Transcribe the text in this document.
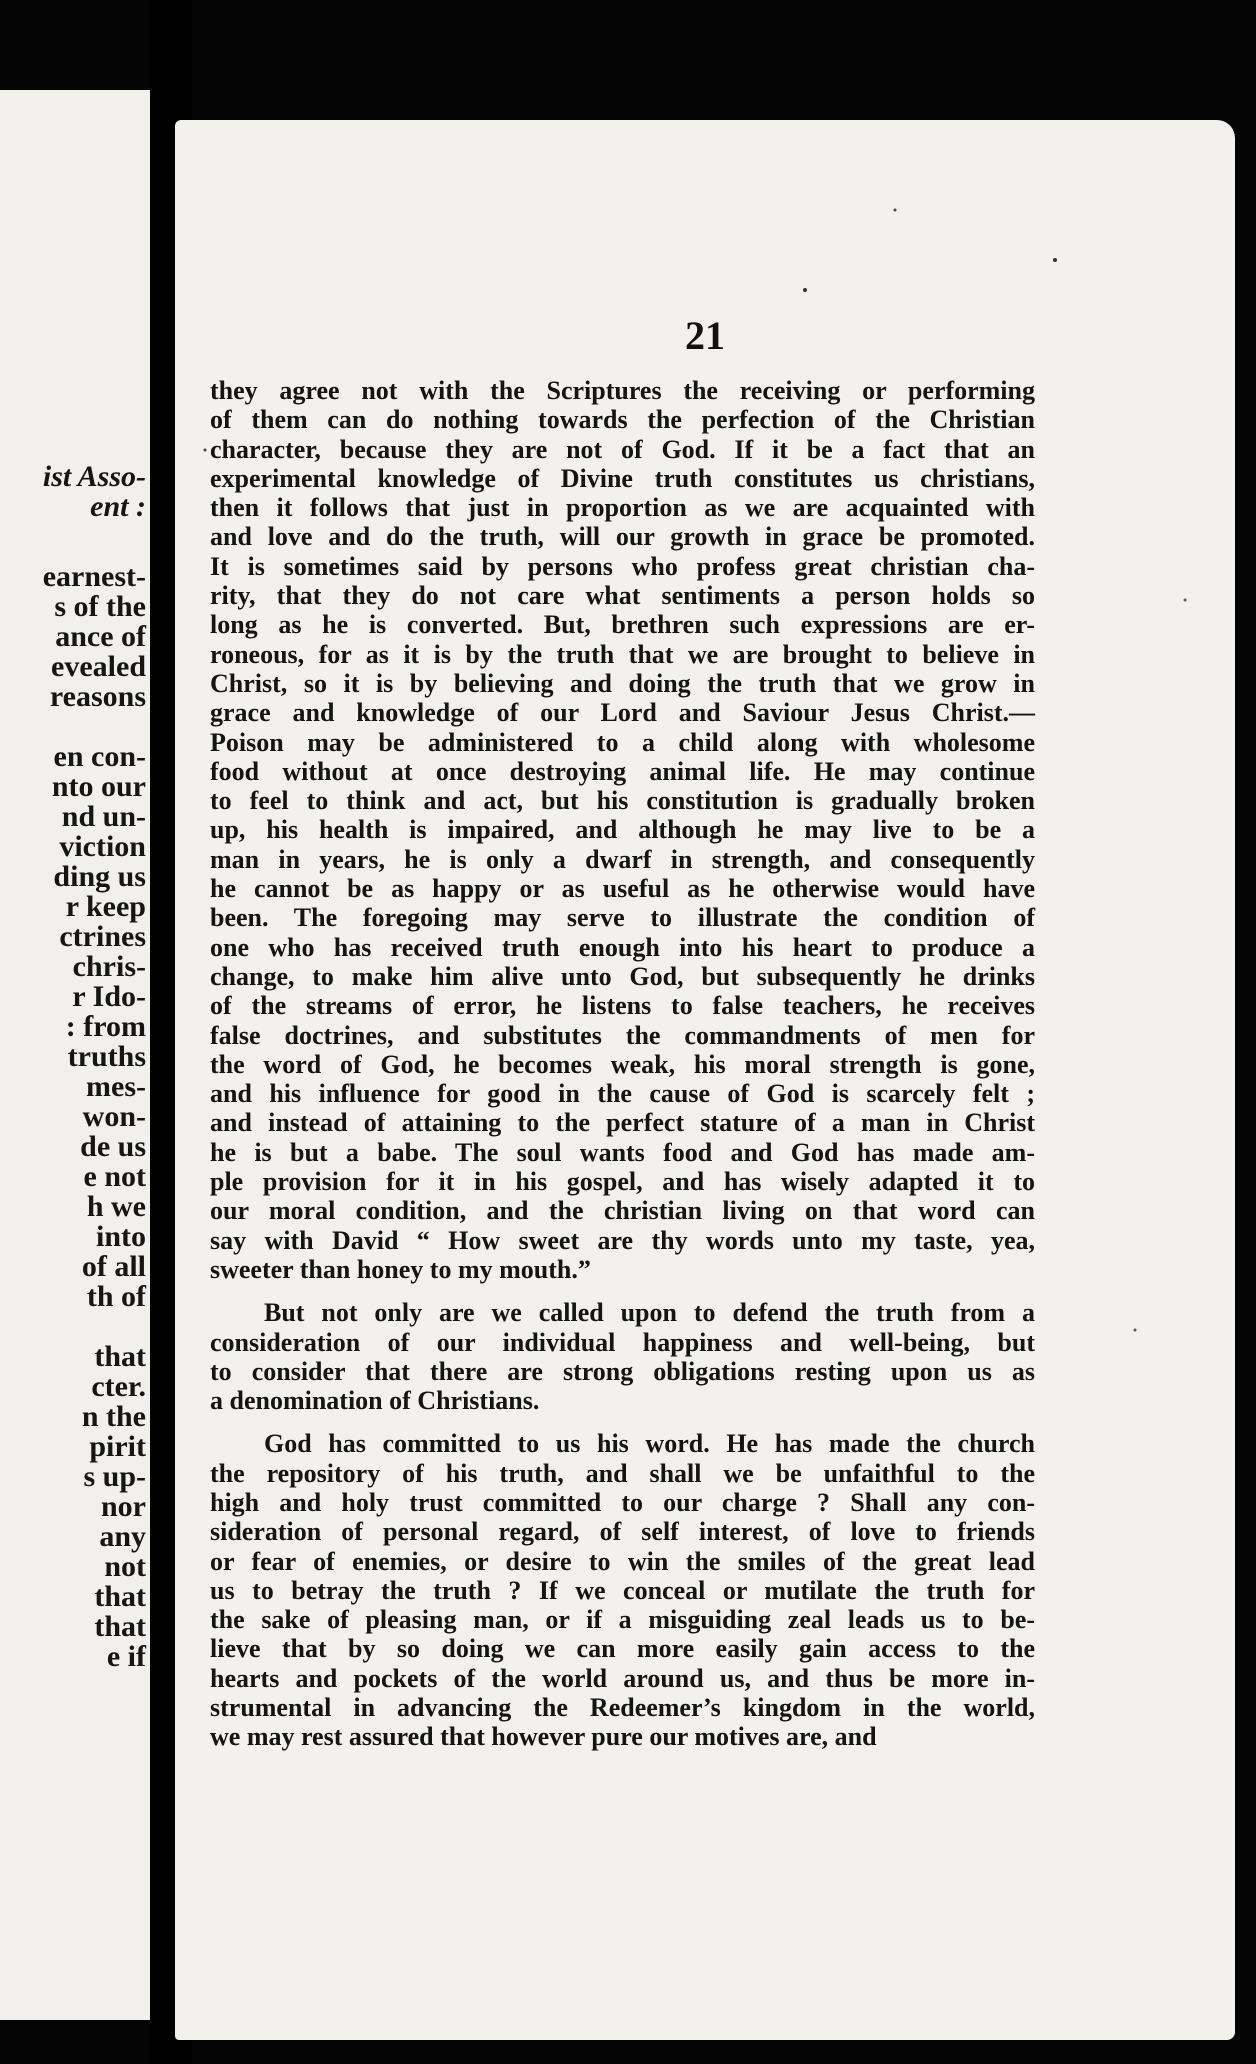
ist Asso-
ent :
earnest-
s of the
ance of
evealed
reasons
en con-
nto our
nd un-
viction
ding us
r keep
ctrines
chris-
r Ido-
: from
truths
mes-
won-
de us
e not
h we
into
of all
th of
that
cter.
n the
pirit
s up-
nor
any
not
that
that
e if
21
they agree not with the Scriptures the receiving or performing
of them can do nothing towards the perfection of the Christian
character, because they are not of God. If it be a fact that an
experimental knowledge of Divine truth constitutes us christians,
then it follows that just in proportion as we are acquainted with
and love and do the truth, will our growth in grace be promoted.
It is sometimes said by persons who profess great christian cha-
rity, that they do not care what sentiments a person holds so
long as he is converted. But, brethren such expressions are er-
roneous, for as it is by the truth that we are brought to believe in
Christ, so it is by believing and doing the truth that we grow in
grace and knowledge of our Lord and Saviour Jesus Christ.—
Poison may be administered to a child along with wholesome
food without at once destroying animal life. He may continue
to feel to think and act, but his constitution is gradually broken
up, his health is impaired, and although he may live to be a
man in years, he is only a dwarf in strength, and consequently
he cannot be as happy or as useful as he otherwise would have
been. The foregoing may serve to illustrate the condition of
one who has received truth enough into his heart to produce a
change, to make him alive unto God, but subsequently he drinks
of the streams of error, he listens to false teachers, he receives
false doctrines, and substitutes the commandments of men for
the word of God, he becomes weak, his moral strength is gone,
and his influence for good in the cause of God is scarcely felt ;
and instead of attaining to the perfect stature of a man in Christ
he is but a babe. The soul wants food and God has made am-
ple provision for it in his gospel, and has wisely adapted it to
our moral condition, and the christian living on that word can
say with David “ How sweet are thy words unto my taste, yea,
sweeter than honey to my mouth.”
But not only are we called upon to defend the truth from a
consideration of our individual happiness and well-being, but
to consider that there are strong obligations resting upon us as
a denomination of Christians.
God has committed to us his word. He has made the church
the repository of his truth, and shall we be unfaithful to the
high and holy trust committed to our charge ? Shall any con-
sideration of personal regard, of self interest, of love to friends
or fear of enemies, or desire to win the smiles of the great lead
us to betray the truth ? If we conceal or mutilate the truth for
the sake of pleasing man, or if a misguiding zeal leads us to be-
lieve that by so doing we can more easily gain access to the
hearts and pockets of the world around us, and thus be more in-
strumental in advancing the Redeemer’s kingdom in the world,
we may rest assured that however pure our motives are, and
